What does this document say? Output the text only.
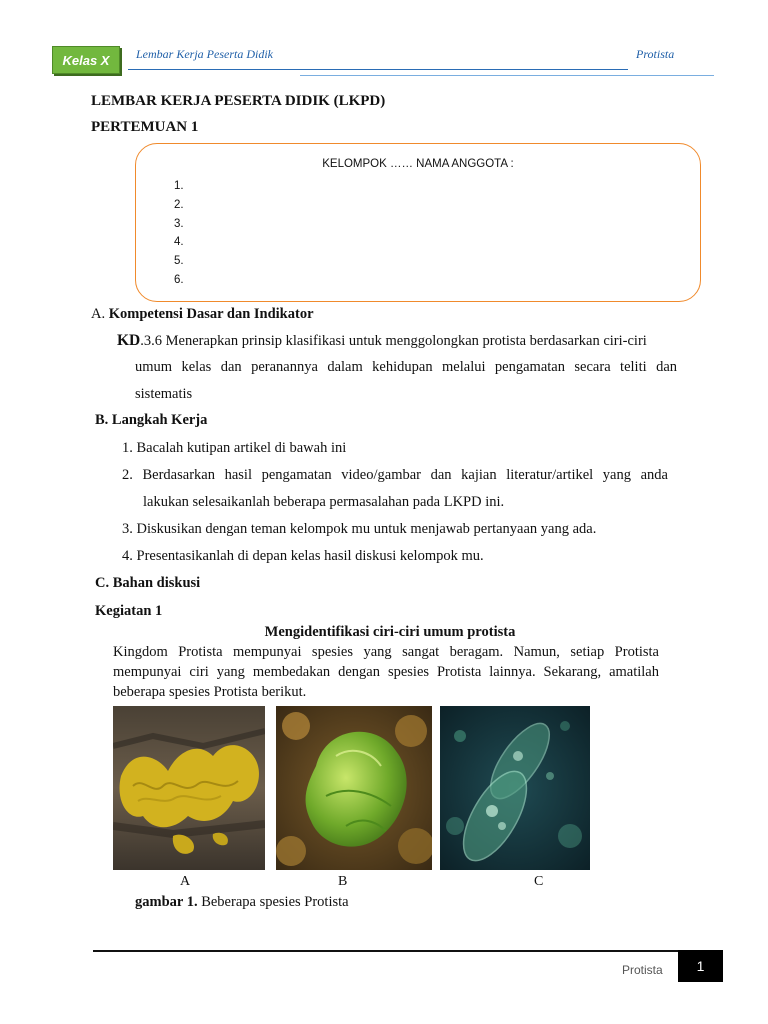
Kelas X Lembar Kerja Peserta Didik	Protista
LEMBAR KERJA PESERTA DIDIK (LKPD)
PERTEMUAN 1
KELOMPOK …… NAMA ANGGOTA :
1.
2.
3.
4.
5.
6.
A. Kompetensi Dasar dan Indikator
KD.3.6 Menerapkan prinsip klasifikasi untuk menggolongkan protista berdasarkan ciri-ciri
umum kelas dan peranannya dalam kehidupan melalui pengamatan secara teliti dan
sistematis
B. Langkah Kerja
1. Bacalah kutipan artikel di bawah ini
2. Berdasarkan hasil pengamatan video/gambar dan kajian literatur/artikel yang anda
lakukan selesaikanlah beberapa permasalahan pada LKPD ini.
3. Diskusikan dengan teman kelompok mu untuk menjawab pertanyaan yang ada.
4. Presentasikanlah di depan kelas hasil diskusi kelompok mu.
C. Bahan diskusi
Kegiatan 1
Mengidentifikasi ciri-ciri umum protista
Kingdom Protista mempunyai spesies yang sangat beragam. Namun, setiap Protista
mempunyai ciri yang membedakan dengan spesies Protista lainnya. Sekarang, amatilah
beberapa spesies Protista berikut.
A	B	C
gambar 1. Beberapa spesies Protista
Protista 1
